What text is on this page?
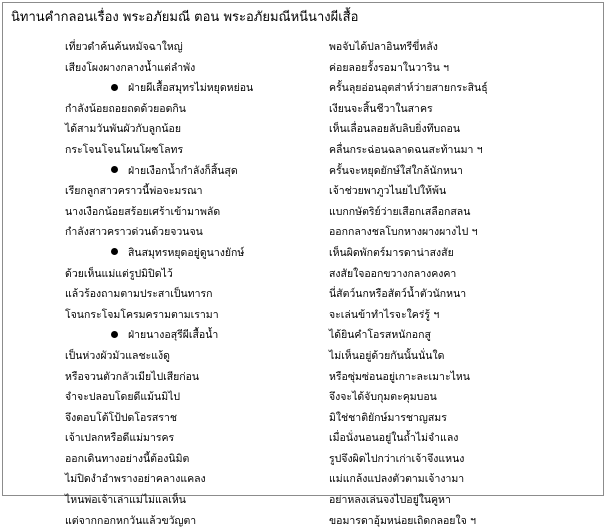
นิทานคำกลอนเรื่อง พระอภัยมณี ตอน พระอภัยมณีหนีนางผีเสื้อ
เที่ยวดำค้นค้นหมัจฉาใหญ่	พอจับได้ปลาอินทรีขี่หลัง
เสียงโผงผางกลางน้ำแต่ลำพัง	ค่อยลอยรั้งรอมาในวาริน ฯ
ฝ่ายผีเสื้อสมุทรไม่หยุดหย่อน	ครั้นลุยอ่อนอุตส่าห์ว่ายสายกระสินธุ์
กำลังน้อยถอยถดด้วยอดกิน	เงียนจะสิ้นชีวาในสาคร
ได้สามวันพันผัวกับลูกน้อย	เห็นเลื่อนลอยลับลิบยิ่งทึบถอน
กระโจนโจนโผนโผซโลทร	คลื่นกระฉ่อนฉลาดฉนสะท้านมา ฯ
ฝ่ายเงือกน้ำกำลังก็สิ้นสุด	ครั้นจะหยุดยักษ์ใส่ใกล้นักหนา
เรียกลูกสาวคราวนี้พ่อจะมรณา	เจ้าช่วยพาภูวไนยไปให้พ้น
นางเงือกน้อยสร้อยเศร้าเข้ามาพลัด	แบกกษัตริย์ว่ายเสือกเสลือกสลน
กำลังสาวคราวด่วนด้วยจวนจน	ออกกลางชลโบกหางผางผางไป ฯ
สินสมุทรหยุดอยู่ดูนางยักษ์	เห็นผิดพักตร์มารดาน่าสงสัย
ด้วยเห็นแม่แต่รูปมิปิดไว้	สงสัยใจออกขวางกลางคงคา
แล้วร้องถามตามประสาเป็นทารก	นี่สัตว์นกหรือสัตว์น้ำตัวนักหนา
โจนกระโจมโครมครามตามเรามา	จะเล่นข้าทำไรจะใคร่รู้ ฯ
ฝ่ายนางอสุรีผีเสื้อน้ำ	ได้ยินคำโอรสหนักอกสู
เป็นห่วงผัวมัวแลชะแง้ดู	ไม่เห็นอยู่ด้วยกันนั้นนั่นใด
หรือจวนตัวกลัวเมียไปเสียก่อน	หรือซุ่มซ่อนอยู่เกาะละเมาะไหน
จำจะปลอบโดยดีแม้นมิไป	จึงจะได้จับกุมตะคุมบอน
จึงตอบโต้โป้ปดโอรสราช	มิใช่ชาติยักษ์มารชาญสมร
เจ้าเปลกหรือดีแม่มารคร	เมื่อนั่งนอนอยู่ในถ้ำไม่จำแลง
ออกเดินทางอย่างนี้ต้องนิมิต	รูปจึงผิดไปกว่าเก่าเจ้าจึงแหนง
ไม่ปิดงำอำพรางอย่าคลางแคลง	แม่แกล้งแปลงตัวตามเจ้างามา
ไหนพ่อเจ้าเล่าแม่ไม่แลเห็น	อย่าหลงเล่นจงไปอยู่ในคูหา
แต่จากกอกหกวันแล้วขวัญตา	ขอมารดาอุ้มหน่อยเถิดกลอยใจ ฯ
